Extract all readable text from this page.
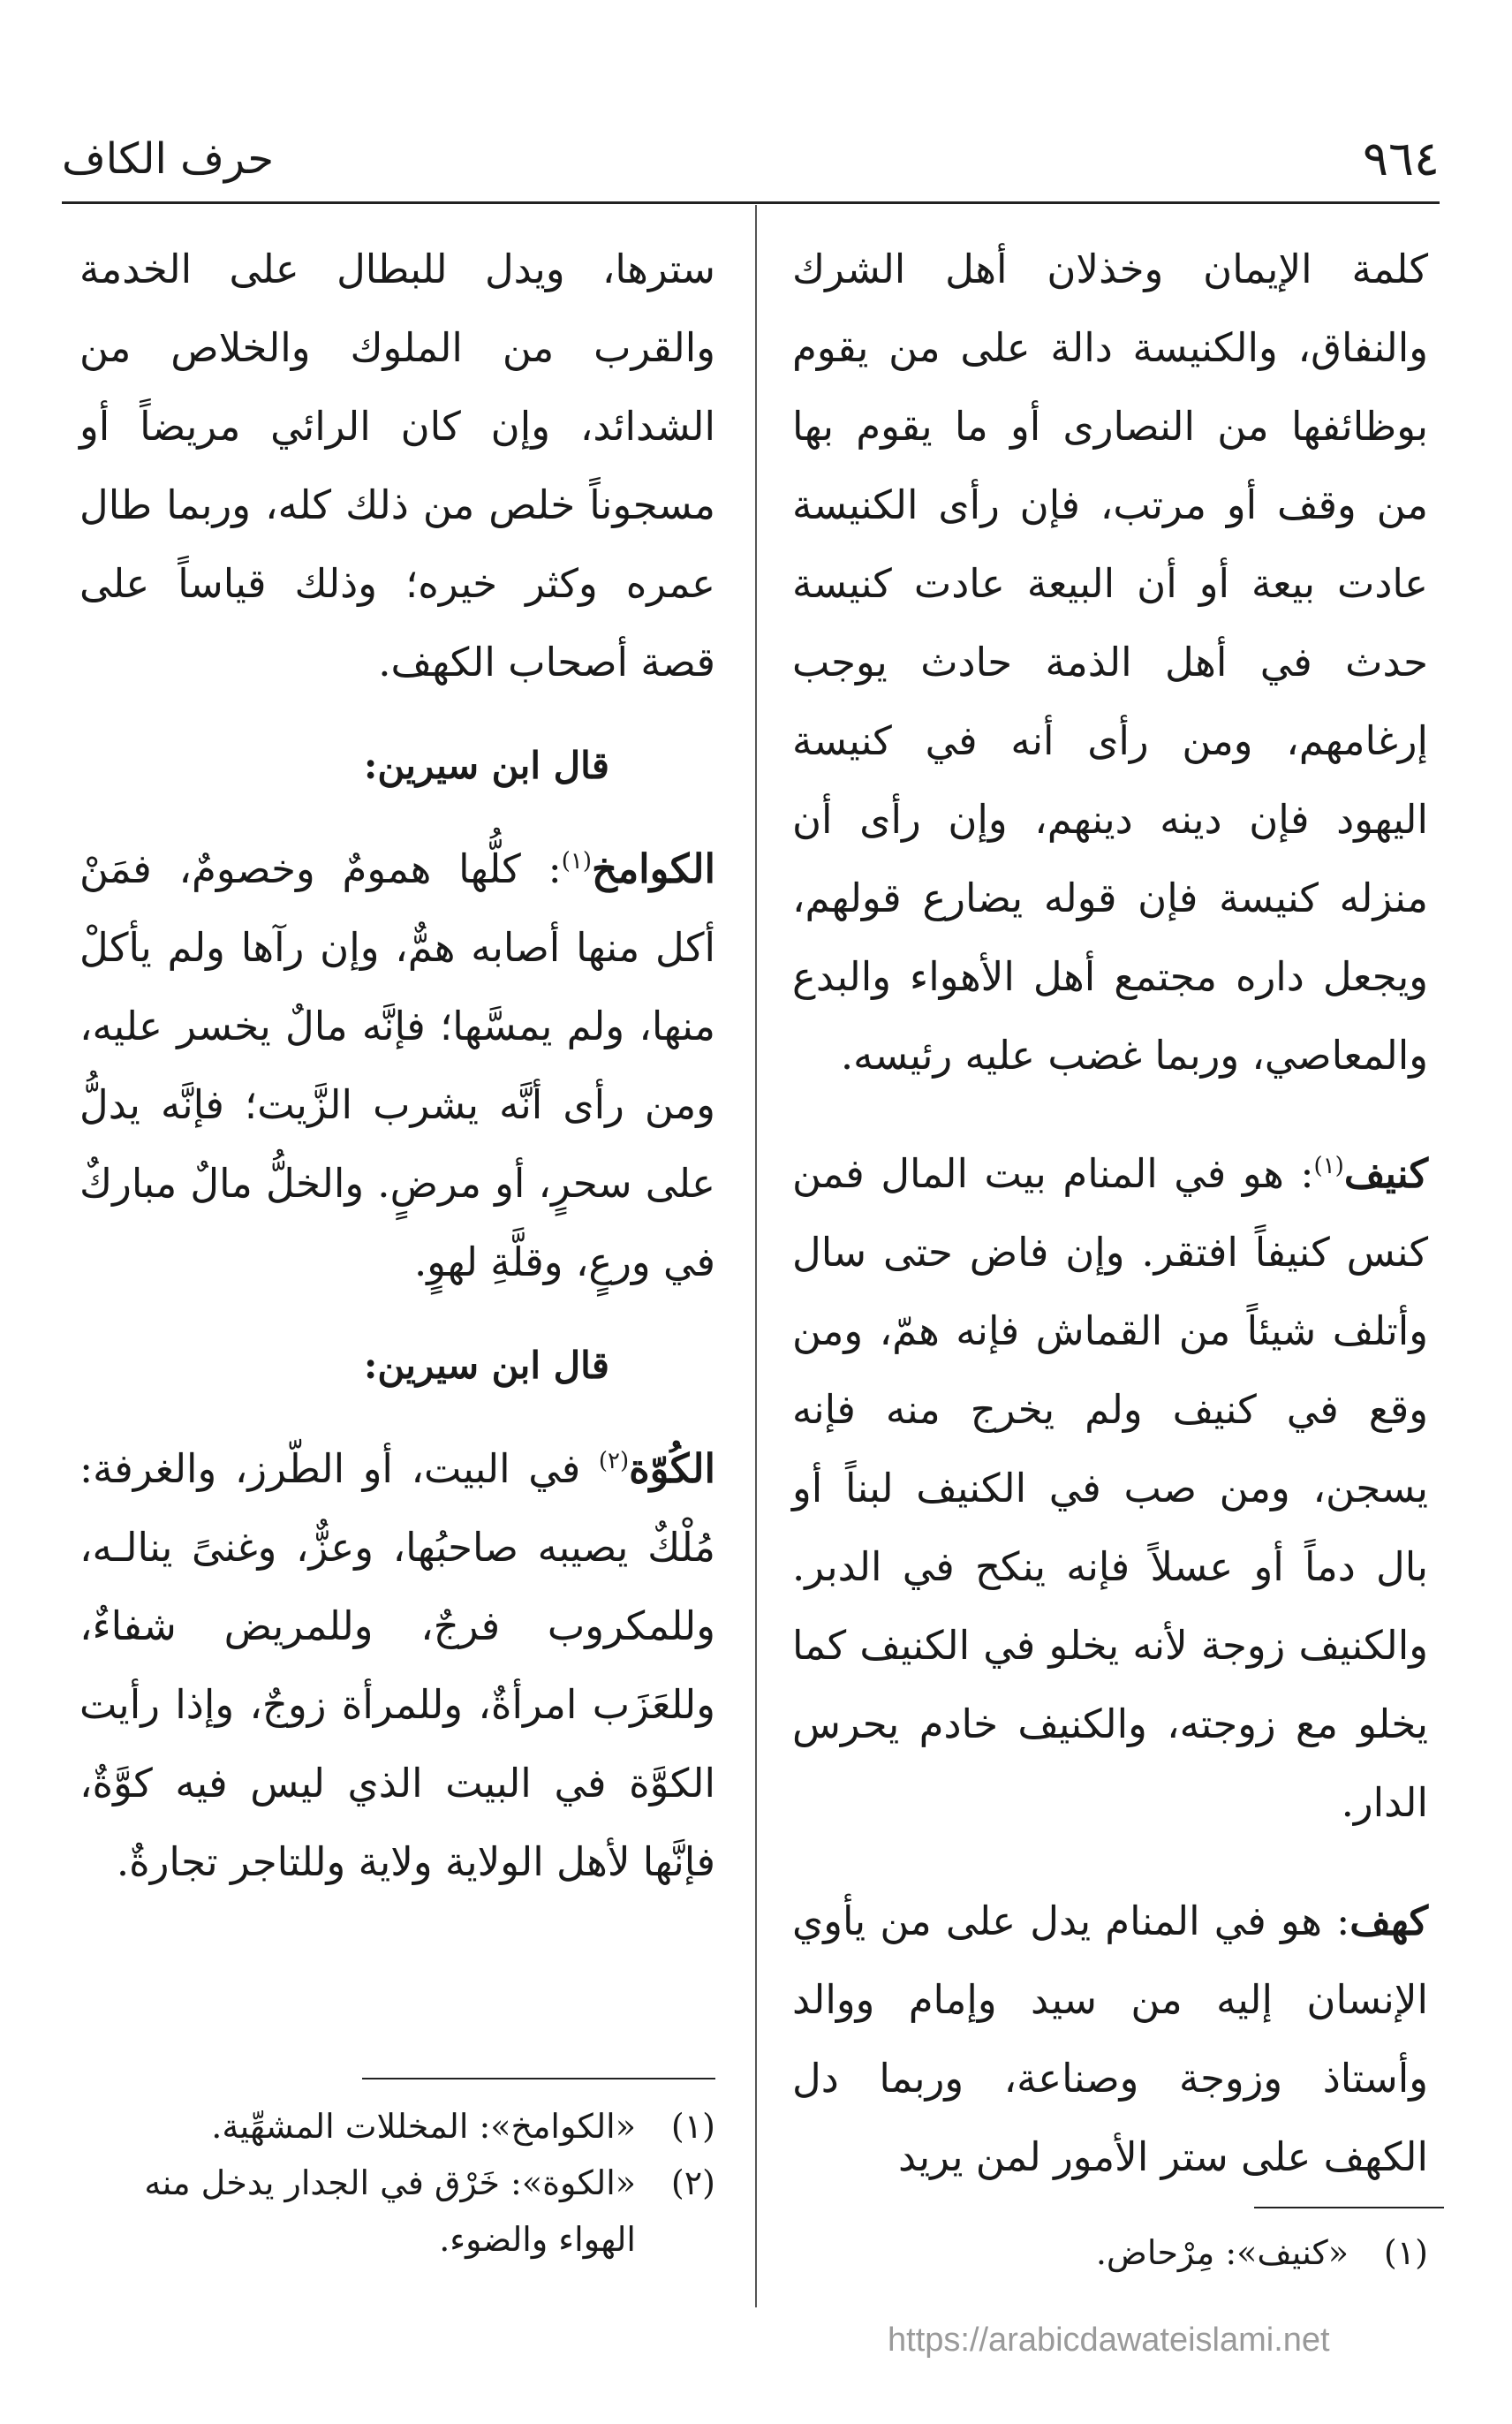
٩٦٤
حرف الكاف

كلمة الإيمان وخذلان أهل الشرك والنفاق، والكنيسة دالة على من يقوم بوظائفها من النصارى أو ما يقوم بها من وقف أو مرتب، فإن رأى الكنيسة عادت بيعة أو أن البيعة عادت كنيسة حدث في أهل الذمة حادث يوجب إرغامهم، ومن رأى أنه في كنيسة اليهود فإن دينه دينهم، وإن رأى أن منزله كنيسة فإن قوله يضارع قولهم، ويجعل داره مجتمع أهل الأهواء والبدع والمعاصي، وربما غضب عليه رئيسه.

كنيف$^{(١)}$: هو في المنام بيت المال فمن كنس كنيفاً افتقر. وإن فاض حتى سال وأتلف شيئاً من القماش فإنه همّ، ومن وقع في كنيف ولم يخرج منه فإنه يسجن، ومن صب في الكنيف لبناً أو بال دماً أو عسلاً فإنه ينكح في الدبر. والكنيف زوجة لأنه يخلو في الكنيف كما يخلو مع زوجته، والكنيف خادم يحرس الدار.

كهف: هو في المنام يدل على من يأوي الإنسان إليه من سيد وإمام ووالد وأستاذ وزوجة وصناعة، وربما دل الكهف على ستر الأمور لمن يريد

سترها، ويدل للبطال على الخدمة والقرب من الملوك والخلاص من الشدائد، وإن كان الرائي مريضاً أو مسجوناً خلص من ذلك كله، وربما طال عمره وكثر خيره؛ وذلك قياساً على قصة أصحاب الكهف.

قال ابن سيرين:

الكوامخ$^{(١)}$: كلُّها همومٌ وخصومٌ، فمَنْ أكل منها أصابه همٌّ، وإن رآها ولم يأكلْ منها، ولم يمسَّها؛ فإنَّه مالٌ يخسر عليه، ومن رأى أنَّه يشرب الزَّيت؛ فإنَّه يدلُّ على سحرٍ، أو مرضٍ. والخلُّ مالٌ مباركٌ في ورعٍ، وقلَّةِ لهوٍ.

قال ابن سيرين:

الكُوّة$^{(٢)}$ في البيت، أو الطّرز، والغرفة: مُلْكٌ يصيبه صاحبُها، وعزٌّ، وغنىً ينالـه، وللمكروب فرجٌ، وللمريض شفاءٌ، وللعَزَب امرأةٌ، وللمرأة زوجٌ، وإذا رأيت الكوَّة في البيت الذي ليس فيه كوَّةٌ، فإنَّها لأهل الولاية ولاية وللتاجر تجارةٌ.

(١)
«الكوامخ»: المخللات المشهِّية.
(٢)
«الكوة»: خَرْق في الجدار يدخل منه الهواء والضوء.	(١)
«كنيف»: مِرْحاض.
https://arabicdawateislami.net
